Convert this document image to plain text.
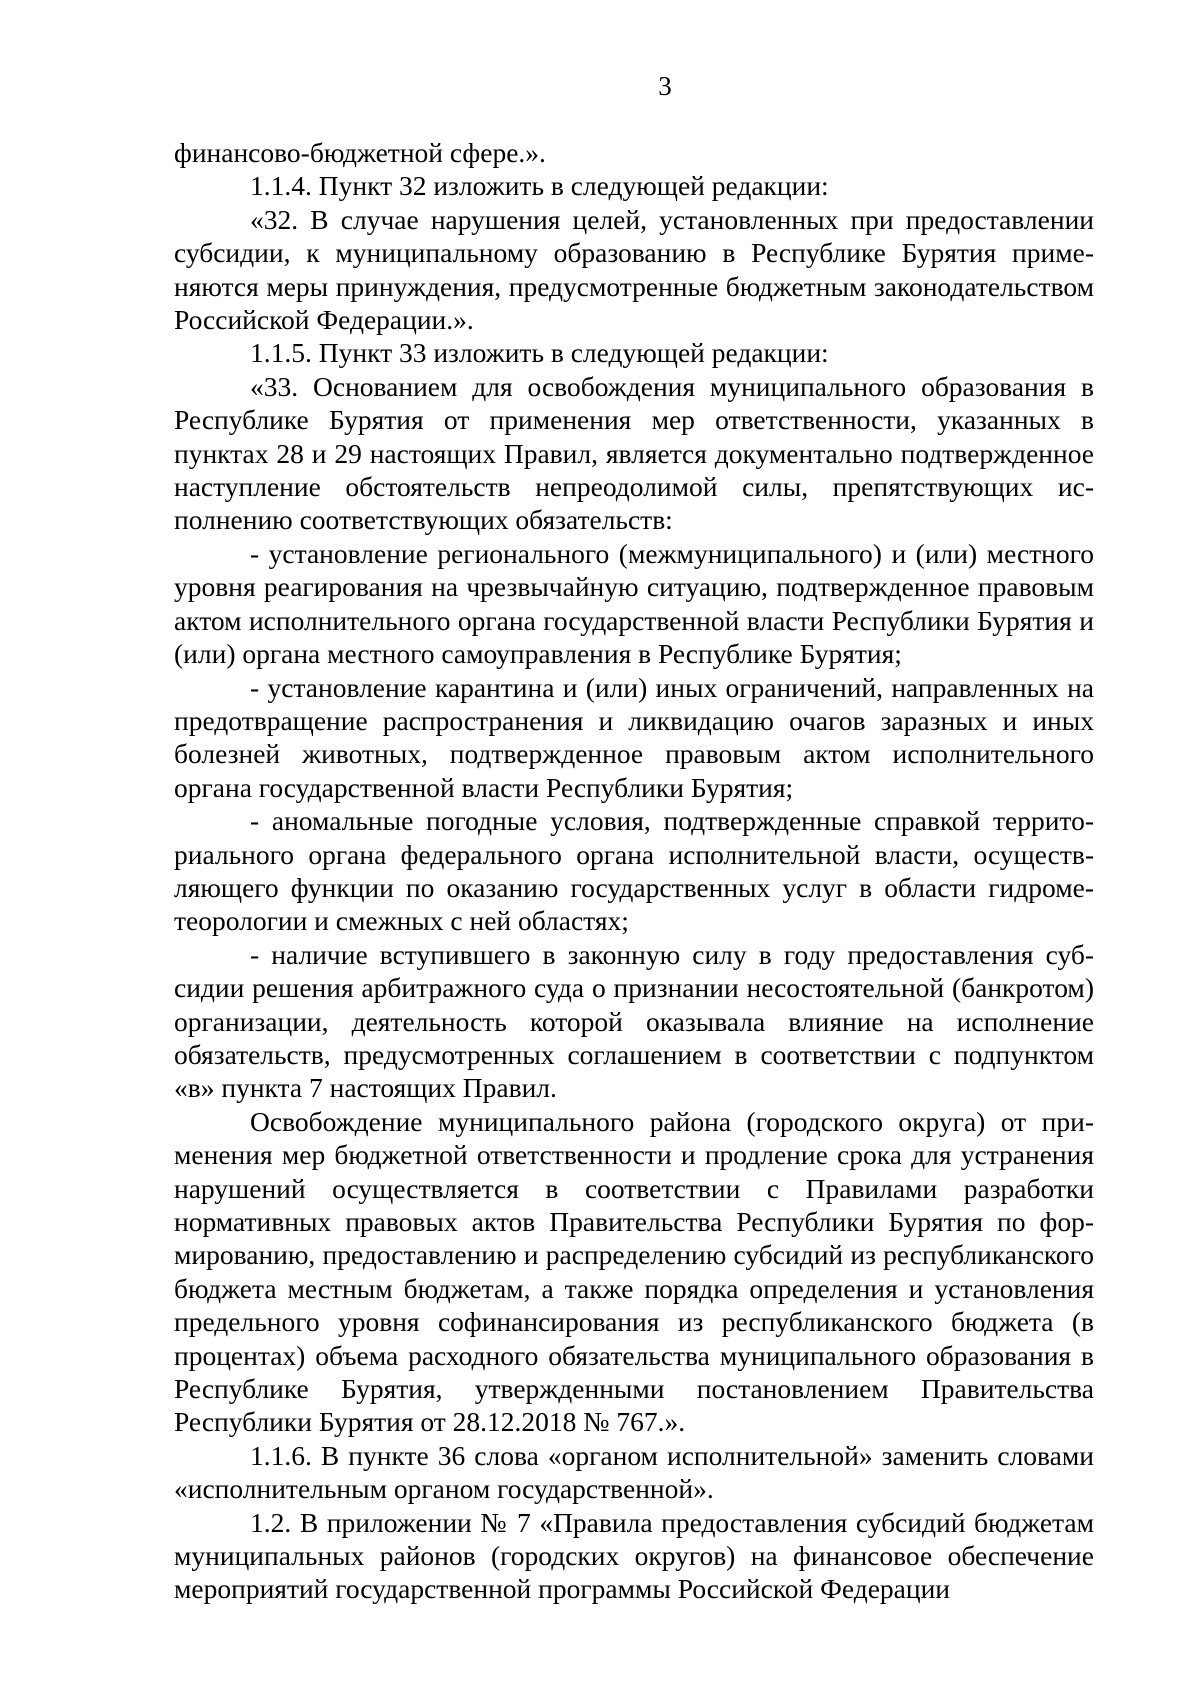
3

финансово-бюджетной сфере.».

1.1.4. Пункт 32 изложить в следующей редакции:

«32. В случае нарушения целей, установленных при предоставлении субсидии, к муниципальному образованию в Республике Бурятия применяются меры принуждения, предусмотренные бюджетным законодательством Российской Федерации.».

1.1.5. Пункт 33 изложить в следующей редакции:

«33. Основанием для освобождения муниципального образования в Республике Бурятия от применения мер ответственности, указанных в пунктах 28 и 29 настоящих Правил, является документально подтвержденное наступление обстоятельств непреодолимой силы, препятствующих исполнению соответствующих обязательств:

- установление регионального (межмуниципального) и (или) местного уровня реагирования на чрезвычайную ситуацию, подтвержденное правовым актом исполнительного органа государственной власти Республики Бурятия и (или) органа местного самоуправления в Республике Бурятия;

- установление карантина и (или) иных ограничений, направленных на предотвращение распространения и ликвидацию очагов заразных и иных болезней животных, подтвержденное правовым актом исполнительного органа государственной власти Республики Бурятия;

- аномальные погодные условия, подтвержденные справкой территориального органа федерального органа исполнительной власти, осуществляющего функции по оказанию государственных услуг в области гидрометеорологии и смежных с ней областях;

- наличие вступившего в законную силу в году предоставления субсидии решения арбитражного суда о признании несостоятельной (банкротом) организации, деятельность которой оказывала влияние на исполнение обязательств, предусмотренных соглашением в соответствии с подпунктом «в» пункта 7 настоящих Правил.

Освобождение муниципального района (городского округа) от применения мер бюджетной ответственности и продление срока для устранения нарушений осуществляется в соответствии с Правилами разработки нормативных правовых актов Правительства Республики Бурятия по формированию, предоставлению и распределению субсидий из республиканского бюджета местным бюджетам, а также порядка определения и установления предельного уровня софинансирования из республиканского бюджета (в процентах) объема расходного обязательства муниципального образования в Республике Бурятия, утвержденными постановлением Правительства Республики Бурятия от 28.12.2018 № 767.».

1.1.6. В пункте 36 слова «органом исполнительной» заменить словами «исполнительным органом государственной».

1.2. В приложении № 7 «Правила предоставления субсидий бюджетам муниципальных районов (городских округов) на финансовое обеспечение мероприятий государственной программы Российской Федерации
